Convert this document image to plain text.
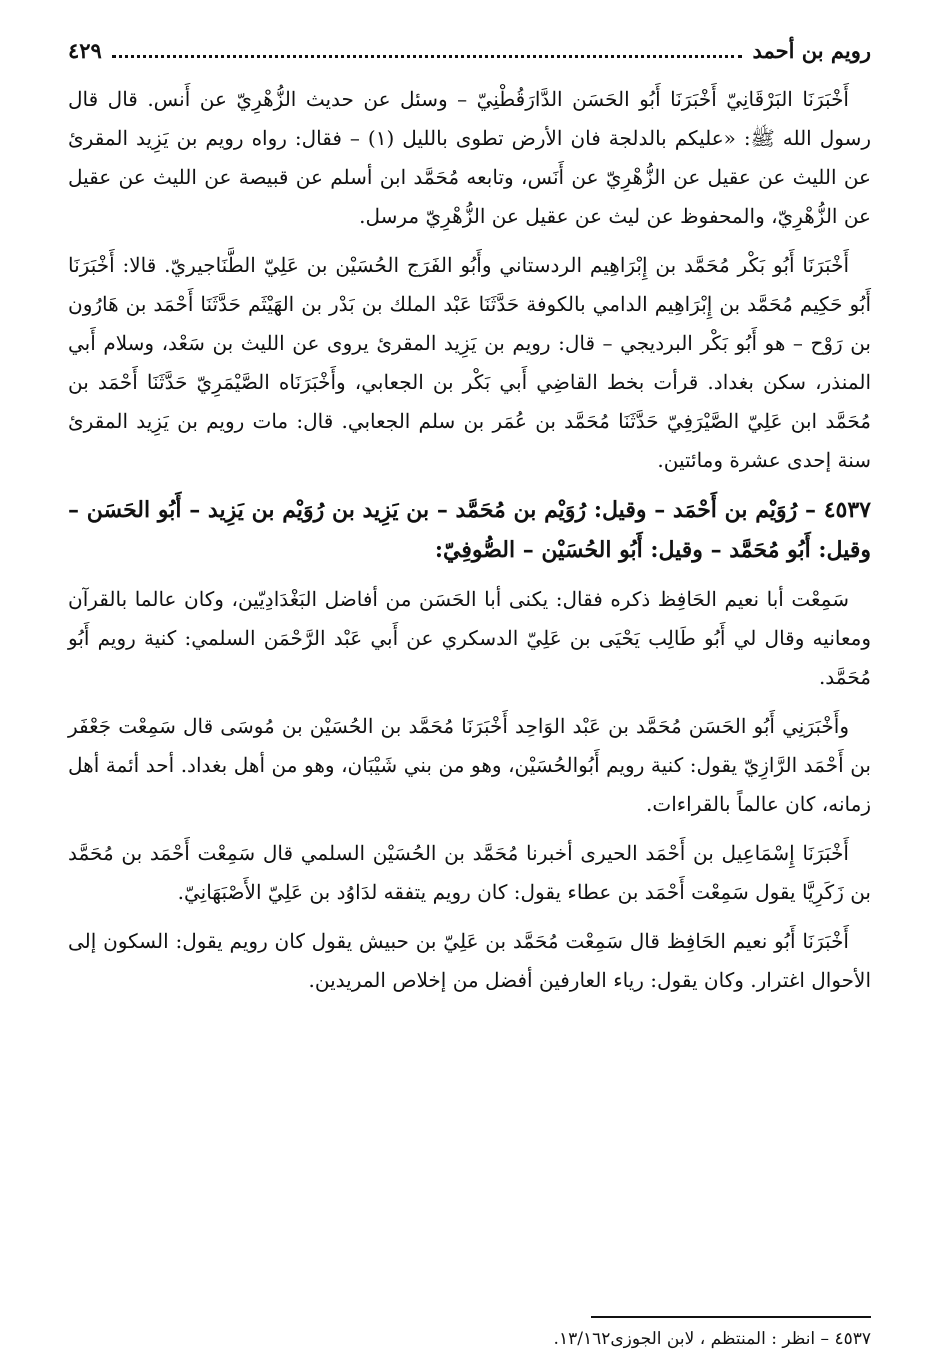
رويم بن أحمد
٤٢٩

أَخْبَرَنَا البَرْقَانِيّ أَخْبَرَنَا أَبُو الحَسَن الدَّارَقُطْنِيّ – وسئل عن حديث الزُّهْرِيّ عن أَنس. قال قال رسول الله ﷺ: «عليكم بالدلجة فان الأرض تطوى بالليل (١) – فقال: رواه رويم بن يَزِيد المقرئ عن الليث عن عقيل عن الزُّهْرِيّ عن أَنَس، وتابعه مُحَمَّد ابن أسلم عن قبيصة عن الليث عن عقيل عن الزُّهْرِيّ، والمحفوظ عن ليث عن عقيل عن الزُّهْرِيّ مرسل.

أَخْبَرَنَا أَبُو بَكْر مُحَمَّد بن إِبْرَاهِيم الردستاني وأَبُو الفَرَج الحُسَيْن بن عَلِيّ الطَّنَاجيريّ. قالا: أَخْبَرَنَا أَبُو حَكِيم مُحَمَّد بن إِبْرَاهِيم الدامي بالكوفة حَدَّثَنَا عَبْد الملك بن بَدْر بن الهَيْثَم حَدَّثَنَا أَحْمَد بن هَارُون بن رَوْح – هو أَبُو بَكْر البرديجي – قال: رويم بن يَزِيد المقرئ يروى عن الليث بن سَعْد، وسلام أَبي المنذر، سكن بغداد. قرأت بخط القاضِي أَبي بَكْر بن الجعابي، وأَخْبَرَنَاه الصَّيْمَرِيّ حَدَّثَنَا أَحْمَد بن مُحَمَّد ابن عَلِيّ الصَّيْرَفِيّ حَدَّثَنَا مُحَمَّد بن عُمَر بن سلم الجعابي. قال: مات رويم بن يَزِيد المقرئ سنة إحدى عشرة ومائتين.

٤٥٣٧ – رُوَيْم بن أَحْمَد – وقيل: رُوَيْم بن مُحَمَّد – بن يَزِيد بن رُوَيْم بن يَزِيد – أَبُو الحَسَن – وقيل: أَبُو مُحَمَّد – وقيل: أَبُو الحُسَيْن – الصُّوفِيّ:

سَمِعْت أبا نعيم الحَافِظ ذكره فقال: يكنى أبا الحَسَن من أفاضل البَغْدَادِيّين، وكان عالما بالقرآن ومعانيه وقال لي أَبُو طَالِب يَحْيَى بن عَلِيّ الدسكري عن أَبي عَبْد الرَّحْمَن السلمي: كنية رويم أَبُو مُحَمَّد.

وأَخْبَرَنِي أَبُو الحَسَن مُحَمَّد بن عَبْد الوَاحِد أَخْبَرَنَا مُحَمَّد بن الحُسَيْن بن مُوسَى قال سَمِعْت جَعْفَر بن أَحْمَد الرَّازِيّ يقول: كنية رويم أَبُوالحُسَيْن، وهو من بني شَيْبَان، وهو من أهل بغداد. أحد أئمة أهل زمانه، كان عالماً بالقراءات.

أَخْبَرَنَا إِسْمَاعِيل بن أَحْمَد الحيرى أخبرنا مُحَمَّد بن الحُسَيْن السلمي قال سَمِعْت أَحْمَد بن مُحَمَّد بن زَكَرِيَّا يقول سَمِعْت أَحْمَد بن عطاء يقول: كان رويم يتفقه لدَاوُد بن عَلِيّ الأَصْبَهَانِيّ.

أَخْبَرَنَا أَبُو نعيم الحَافِظ قال سَمِعْت مُحَمَّد بن عَلِيّ بن حبيش يقول كان رويم يقول: السكون إلى الأحوال اغترار. وكان يقول: رياء العارفين أفضل من إخلاص المريدين.

٤٥٣٧ – انظر : المنتظم ، لابن الجوزى١٣/١٦٢.
